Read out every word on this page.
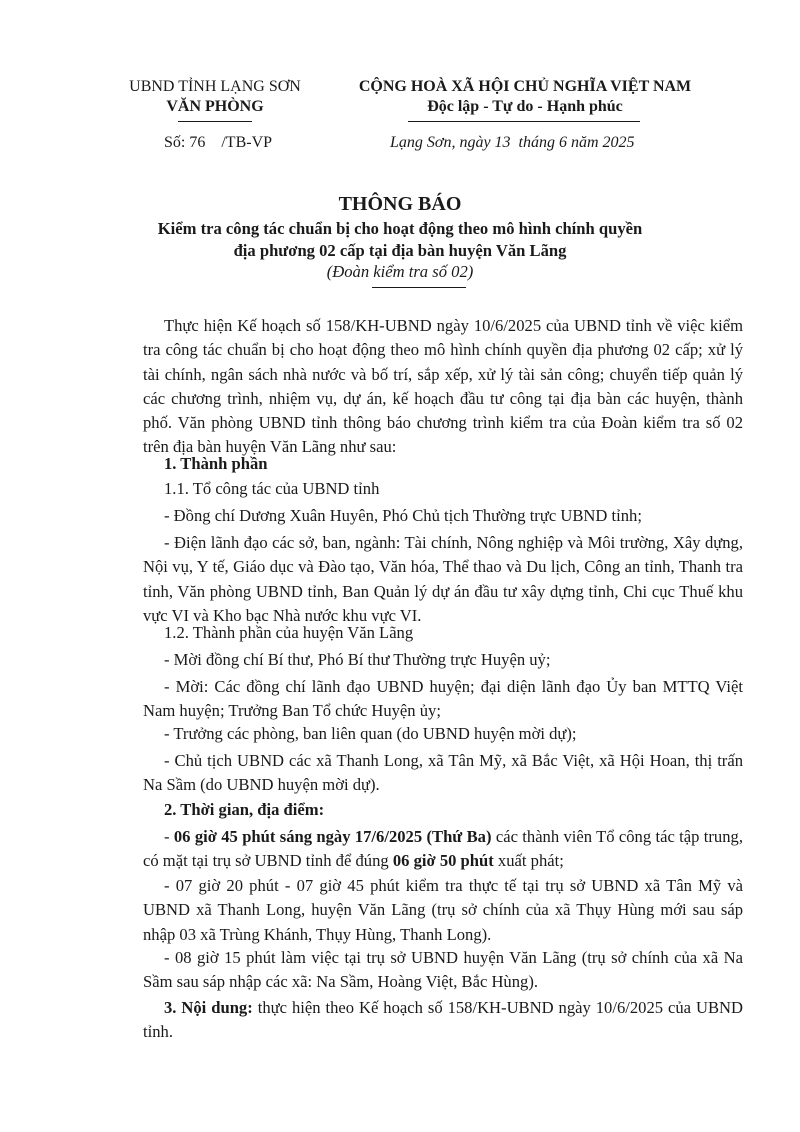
UBND TỈNH LẠNG SƠN
VĂN PHÒNG
CỘNG HOÀ XÃ HỘI CHỦ NGHĨA VIỆT NAM
Độc lập - Tự do - Hạnh phúc
Số: 76    /TB-VP	Lạng Sơn, ngày 13  tháng 6 năm 2025
THÔNG BÁO
Kiểm tra công tác chuẩn bị cho hoạt động theo mô hình chính quyền
địa phương 02 cấp tại địa bàn huyện Văn Lãng
(Đoàn kiểm tra số 02)

Thực hiện Kế hoạch số 158/KH-UBND ngày 10/6/2025 của UBND tỉnh về việc kiểm tra công tác chuẩn bị cho hoạt động theo mô hình chính quyền địa phương 02 cấp; xử lý tài chính, ngân sách nhà nước và bố trí, sắp xếp, xử lý tài sản công; chuyển tiếp quản lý các chương trình, nhiệm vụ, dự án, kế hoạch đầu tư công tại địa bàn các huyện, thành phố. Văn phòng UBND tỉnh thông báo chương trình kiểm tra của Đoàn kiểm tra số 02 trên địa bàn huyện Văn Lãng như sau:

1. Thành phần

1.1. Tổ công tác của UBND tỉnh

- Đồng chí Dương Xuân Huyên, Phó Chủ tịch Thường trực UBND tỉnh;

- Điện lãnh đạo các sở, ban, ngành: Tài chính, Nông nghiệp và Môi trường, Xây dựng, Nội vụ, Y tế, Giáo dục và Đào tạo, Văn hóa, Thể thao và Du lịch, Công an tỉnh, Thanh tra tỉnh, Văn phòng UBND tỉnh, Ban Quản lý dự án đầu tư xây dựng tỉnh, Chi cục Thuế khu vực VI và Kho bạc Nhà nước khu vực VI.

1.2. Thành phần của huyện Văn Lãng

- Mời đồng chí Bí thư, Phó Bí thư Thường trực Huyện uỷ;

- Mời: Các đồng chí lãnh đạo UBND huyện; đại diện lãnh đạo Ủy ban MTTQ Việt Nam huyện; Trưởng Ban Tổ chức Huyện ủy;

- Trưởng các phòng, ban liên quan (do UBND huyện mời dự);

- Chủ tịch UBND các xã Thanh Long, xã Tân Mỹ, xã Bắc Việt, xã Hội Hoan, thị trấn Na Sầm (do UBND huyện mời dự).

2. Thời gian, địa điểm:

- 06 giờ 45 phút sáng ngày 17/6/2025 (Thứ Ba) các thành viên Tổ công tác tập trung, có mặt tại trụ sở UBND tỉnh để đúng 06 giờ 50 phút xuất phát;

- 07 giờ 20 phút - 07 giờ 45 phút kiểm tra thực tế tại trụ sở UBND xã Tân Mỹ và UBND xã Thanh Long, huyện Văn Lãng (trụ sở chính của xã Thụy Hùng mới sau sáp nhập 03 xã Trùng Khánh, Thụy Hùng, Thanh Long).

- 08 giờ 15 phút làm việc tại trụ sở UBND huyện Văn Lãng (trụ sở chính của xã Na Sầm sau sáp nhập các xã: Na Sầm, Hoàng Việt, Bắc Hùng).

3. Nội dung: thực hiện theo Kế hoạch số 158/KH-UBND ngày 10/6/2025 của UBND tỉnh.
